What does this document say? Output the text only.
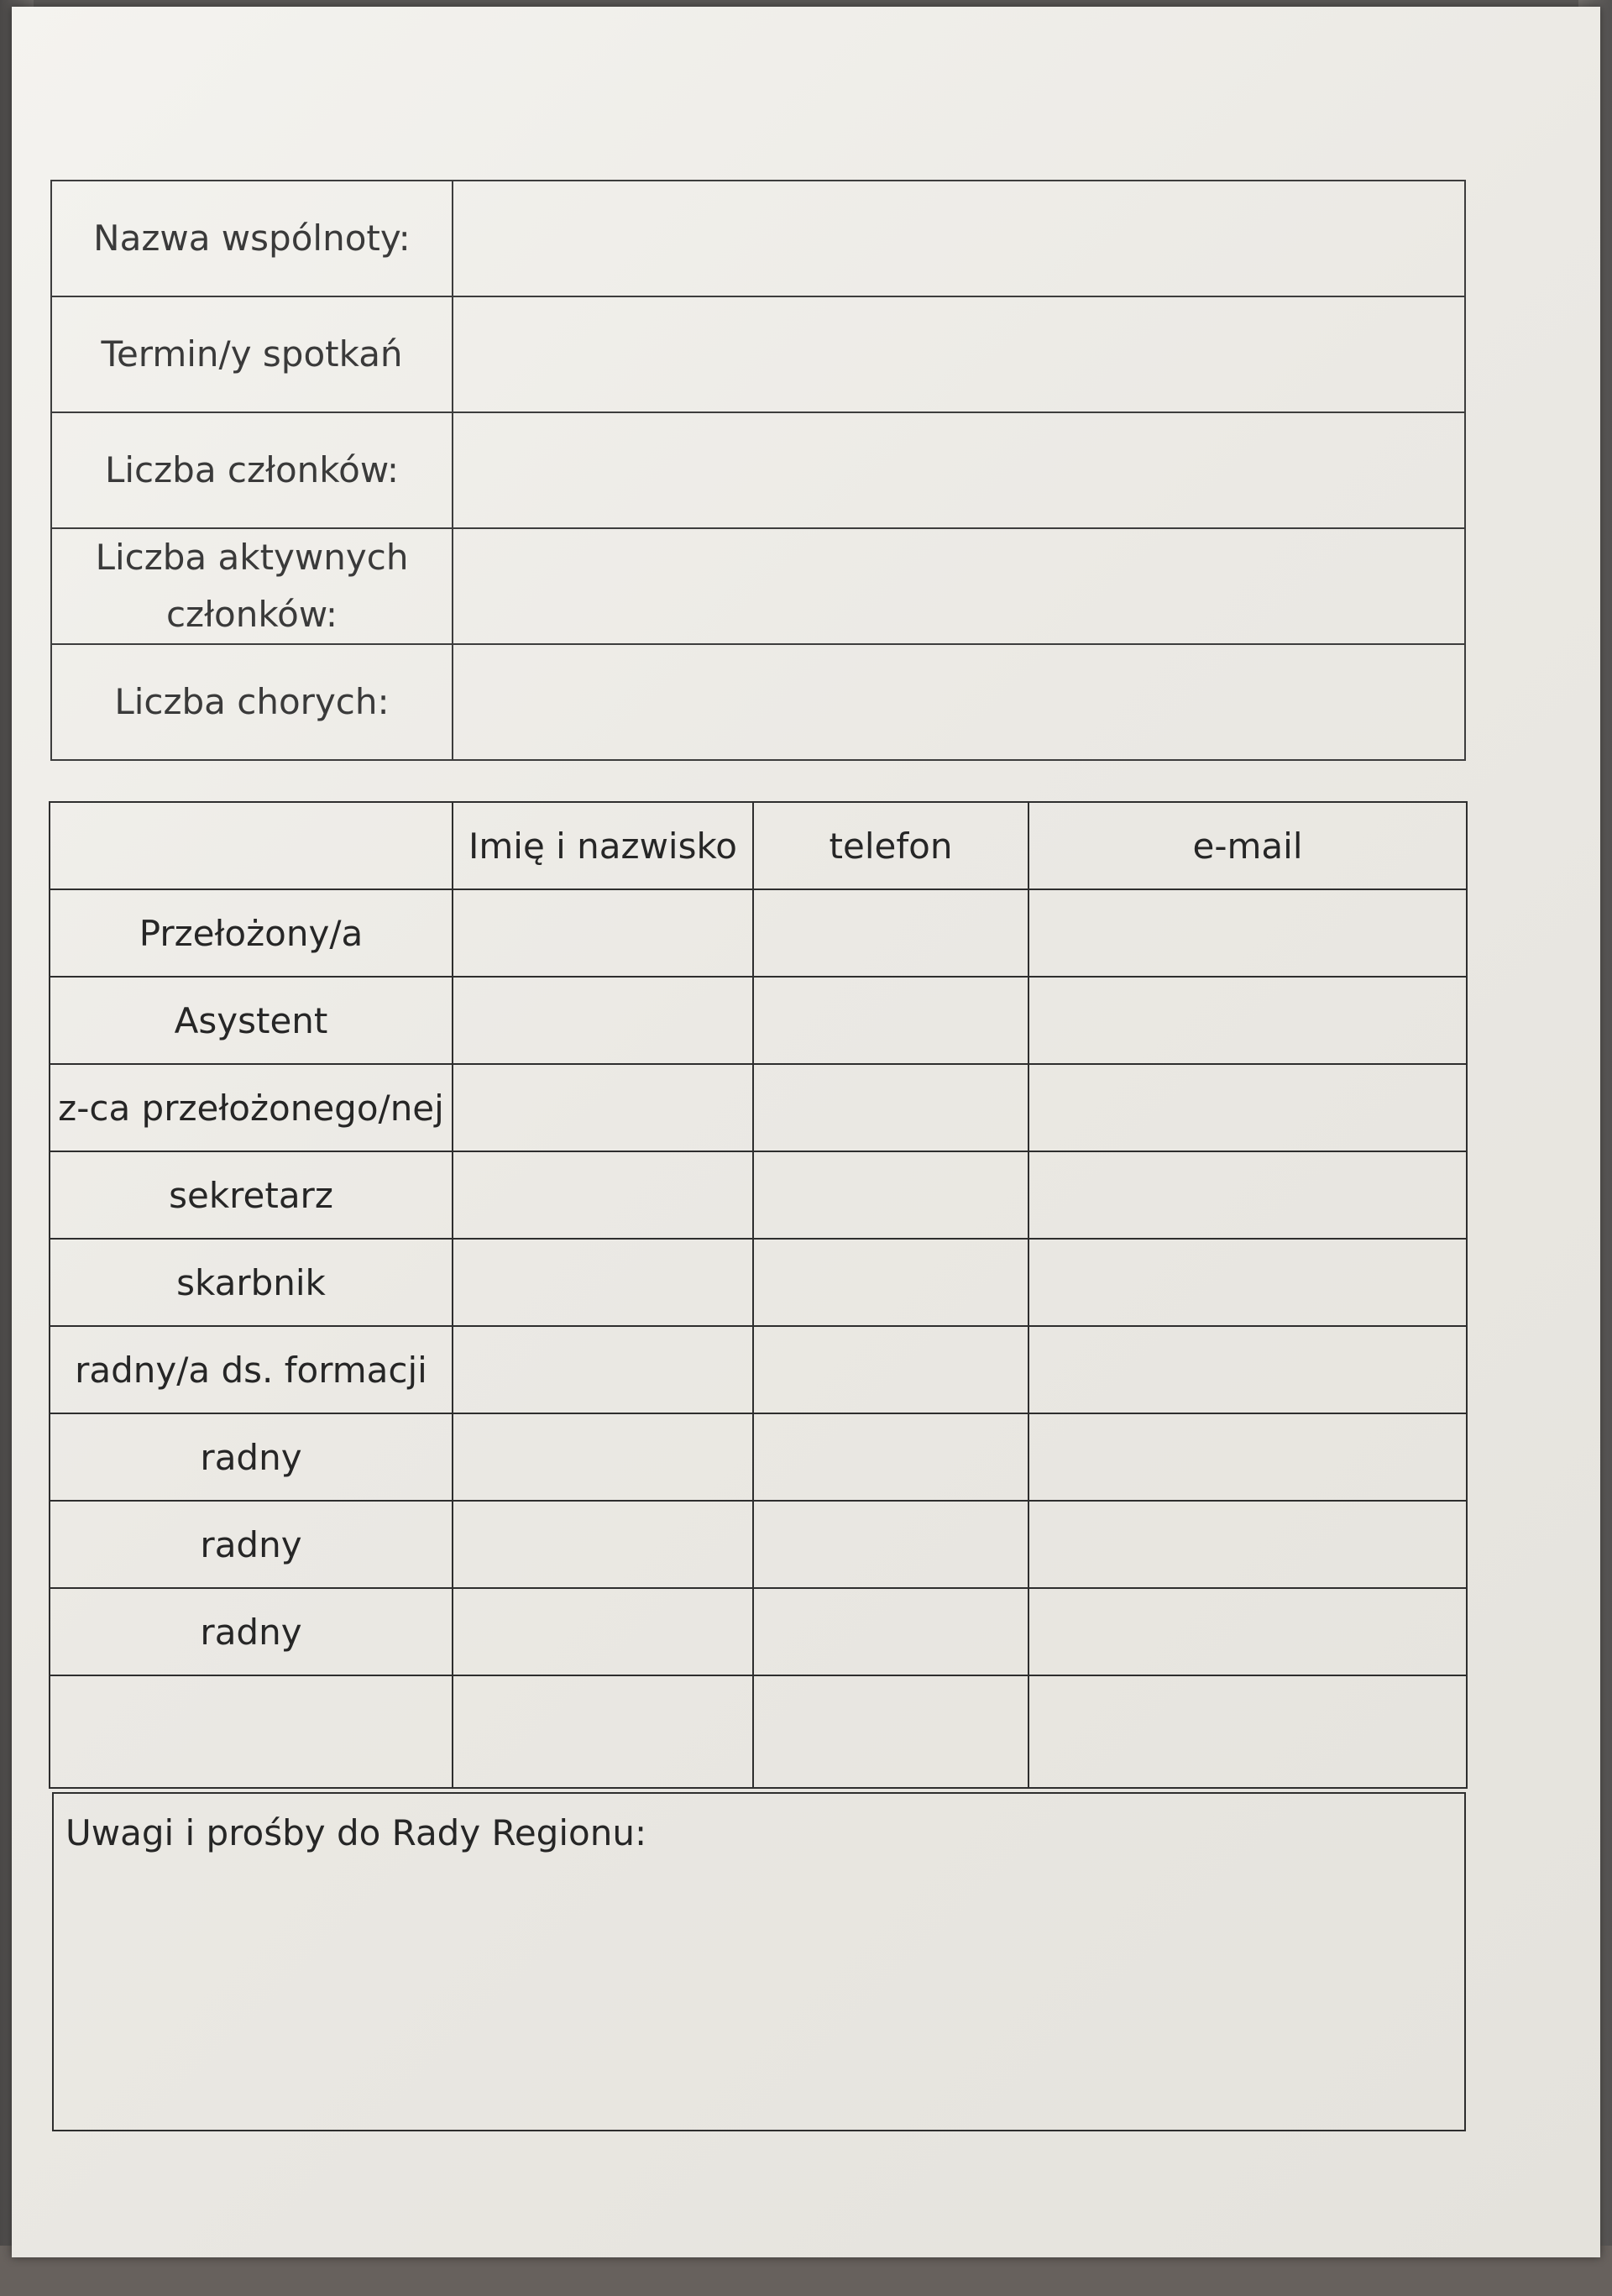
Nazwa wspólnoty:	
Termin/y spotkań	
Liczba członków:	
Liczba aktywnych
członków:	
Liczba chorych:	
	Imię i nazwisko	telefon	e-mail
Przełożony/a			
Asystent			
z-ca przełożonego/nej			
sekretarz			
skarbnik			
radny/a ds. formacji			
radny			
radny			
radny			

Uwagi i prośby do Rady Regionu:
